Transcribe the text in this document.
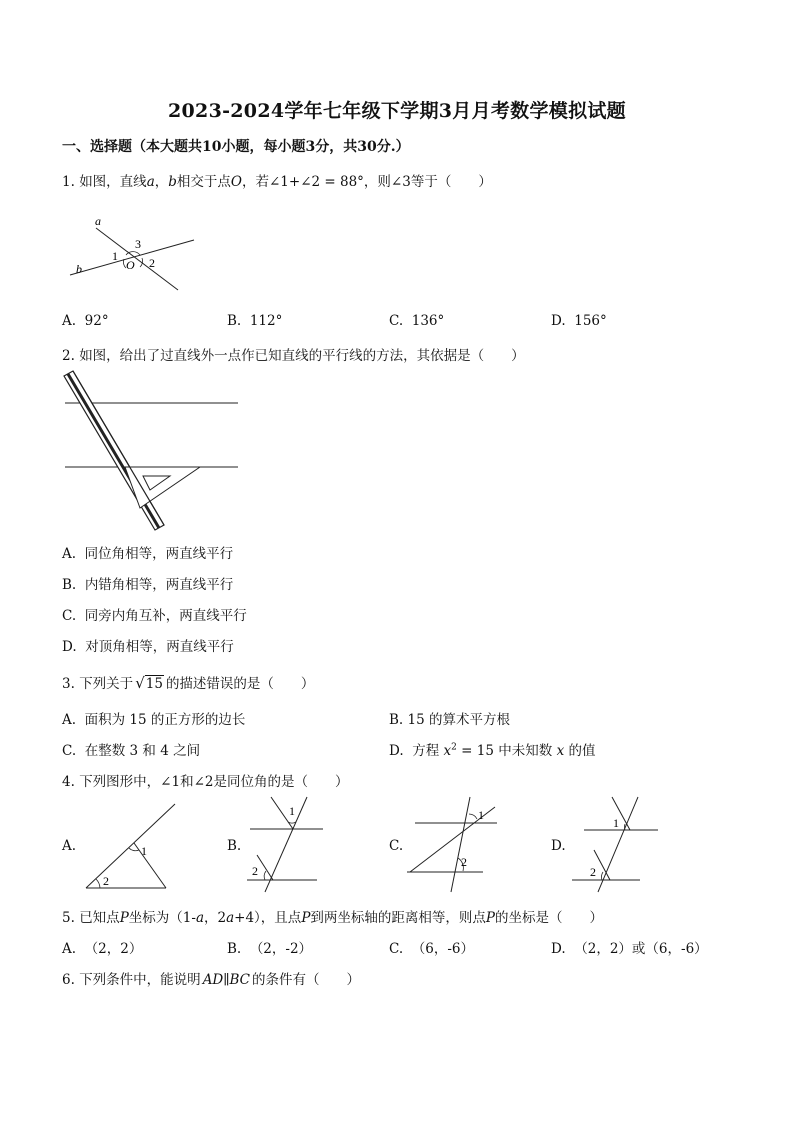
2023-2024学年七年级下学期3月月考数学模拟试题
一、选择题（本大题共10小题，每小题3分，共30分.）
1. 如图，直线a，b相交于点O，若∠1+∠2 = 88°，则∠3等于（　　）
a
b
1	2
3
O
A. 92°	B. 112°	C. 136°	D. 156°
2. 如图，给出了过直线外一点作已知直线的平行线的方法，其依据是（　　）
A. 同位角相等，两直线平行
B. 内错角相等，两直线平行
C. 同旁内角互补，两直线平行
D. 对顶角相等，两直线平行
3. 下列关于 √15 的描述错误的是（　　）
A. 面积为 15 的正方形的边长	B. 15 的算术平方根
C. 在整数 3 和 4 之间	D. 方程 $x^2 = 15$ 中未知数 x 的值
4. 下列图形中，∠1和∠2是同位角的是（　　）
A.	1
2
B.
1
2
C.
1
2
D.
1
2
5. 已知点P坐标为（1-a，2a+4），且点P到两坐标轴的距离相等，则点P的坐标是（　　）
A. （2，2）	B. （2，-2）	C. （6，-6）	D. （2，2）或（6，-6）
6. 下列条件中，能说明 AD∥BC 的条件有（　　）
